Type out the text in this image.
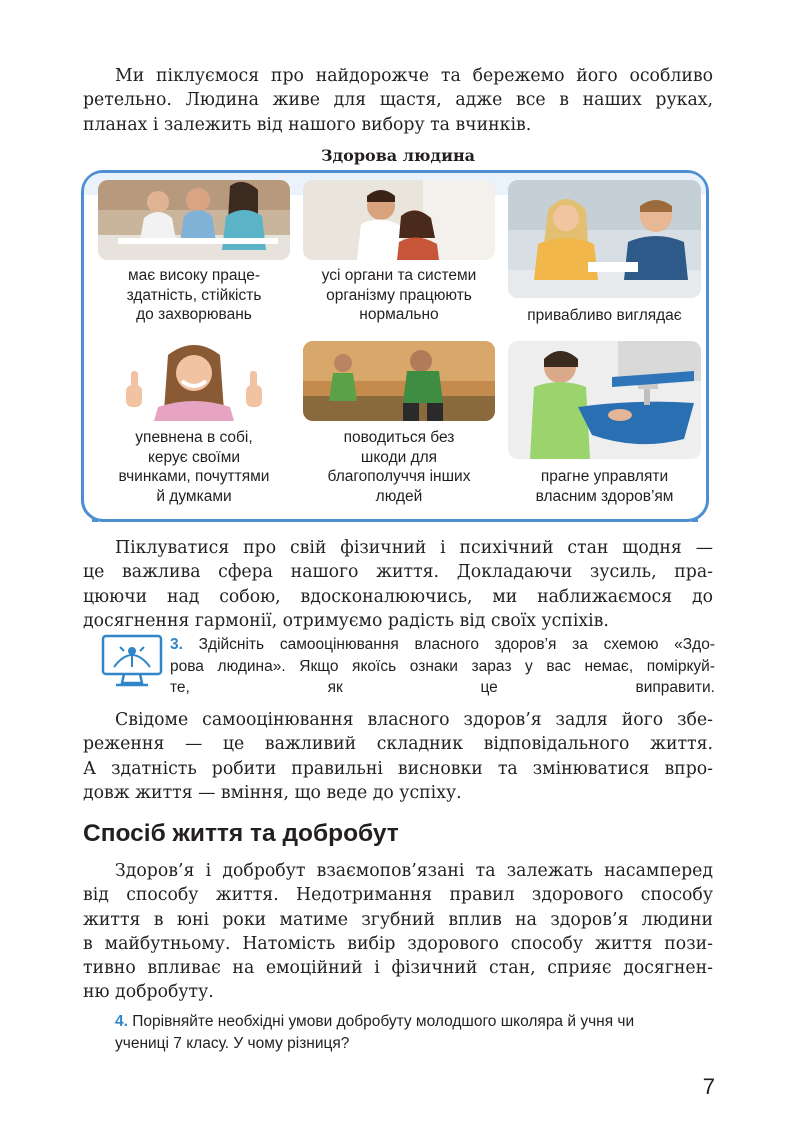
Ми піклуємося про найдорожче та бережемо його особливо
ретельно. Людина живе для щастя, адже все в наших руках,
планах і залежить від нашого вибору та вчинків.
Здорова людина
має високу праце-
здатність, стійкість
до захворювань
усі органи та системи
організму працюють
нормально	привабливо виглядає
упевнена в собі,
керує своїми
вчинками, почуттями
й думками
поводиться без
шкоди для
благополуччя інших
людей
прагне управляти
власним здоров’ям
Піклуватися про свій фізичний і психічний стан щодня —
це важлива сфера нашого життя. Докладаючи зусиль, пра-
цюючи над собою, вдосконалюючись, ми наближаємося до
досягнення гармонії, отримуємо радість від своїх успіхів.
3. Здійсніть самооцінювання власного здоров’я за схемою «Здо-
рова людина». Якщо якоїсь ознаки зараз у вас немає, поміркуй-
те, як це виправити.
Свідоме самооцінювання власного здоров’я задля його збе-
реження — це важливий складник відповідального життя.
А здатність робити правильні висновки та змінюватися впро-
довж життя — вміння, що веде до успіху.
Спосіб життя та добробут
Здоров’я і добробут взаємопов’язані та залежать насамперед
від способу життя. Недотримання правил здорового способу
життя в юні роки матиме згубний вплив на здоров’я людини
в майбутньому. Натомість вибір здорового способу життя пози-
тивно впливає на емоційний і фізичний стан, сприяє досягнен-
ню добробуту.
4. Порівняйте необхідні умови добробуту молодшого школяра й учня чи
учениці 7 класу. У чому різниця?
7
